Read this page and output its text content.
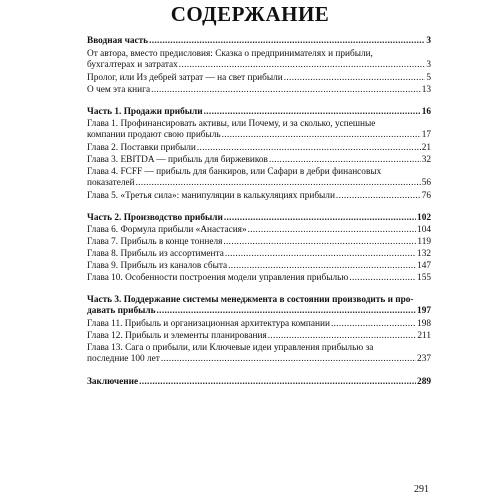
СОДЕРЖАНИЕ
Вводная часть . . .	3
От автора, вместо предисловия: Сказка о предпринимателях и прибыли,
бухгалтерах и затратах . . .	3
Пролог, или Из дебрей затрат — на свет прибыли . . .	5
О чем эта книга . . .	13
Часть 1. Продажи прибыли . . .	16
Глава 1. Профинансировать активы, или Почему, и за сколько, успешные
компании продают свою прибыль . . .	17
Глава 2. Поставки прибыли . . .	21
Глава 3. EBITDA — прибыль для биржевиков . . .	32
Глава 4. FCFF — прибыль для банкиров, или Сафари в дебри финансовых
показателей . . .	56
Глава 5. «Третья сила»: манипуляции в калькуляциях прибыли . . .	76
Часть 2. Производство прибыли . . .	102
Глава 6. Формула прибыли «Анастасия» . . .	104
Глава 7. Прибыль в конце тоннеля . . .	119
Глава 8. Прибыль из ассортимента . . .	132
Глава 9. Прибыль из каналов сбыта . . .	147
Глава 10. Особенности построения модели управления прибылью . . .	155
Часть 3. Поддержание системы менеджмента в состоянии производить и про-
давать прибыль . . .	197
Глава 11. Прибыль и организационная архитектура компании . . .	198
Глава 12. Прибыль и элементы планирования . . .	211
Глава 13. Сага о прибыли, или Ключевые идеи управления прибылью за
последние 100 лет . . .	237
Заключение . . .	289
291
